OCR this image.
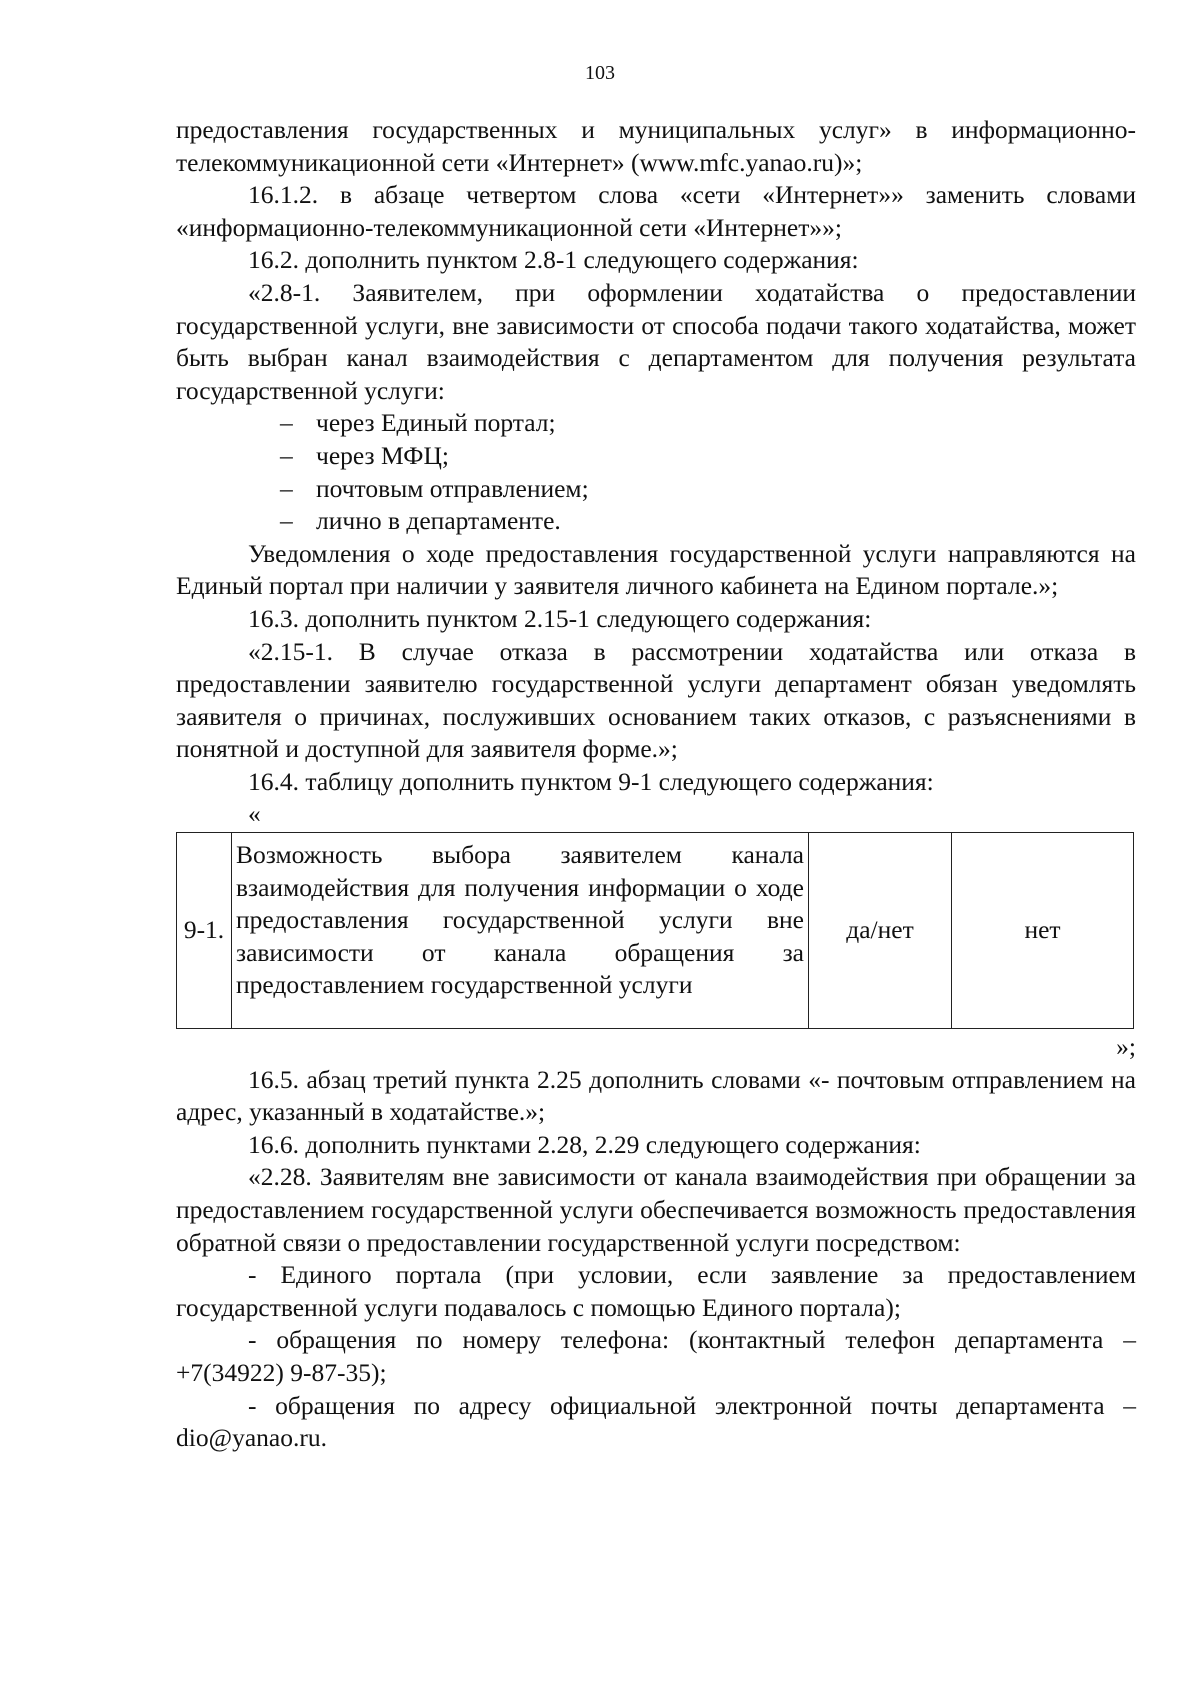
103

предоставления государственных и муниципальных услуг» в информационно-телекоммуникационной сети «Интернет» (www.mfc.yanao.ru)»;

16.1.2. в абзаце четвертом слова «сети «Интернет»» заменить словами «информационно-телекоммуникационной сети «Интернет»»;

16.2. дополнить пунктом 2.8-1 следующего содержания:

«2.8-1. Заявителем, при оформлении ходатайства о предоставлении государственной услуги, вне зависимости от способа подачи такого ходатайства, может быть выбран канал взаимодействия с департаментом для получения результата государственной услуги:

– через Единый портал;

– через МФЦ;

– почтовым отправлением;

– лично в департаменте.

Уведомления о ходе предоставления государственной услуги направляются на Единый портал при наличии у заявителя личного кабинета на Едином портале.»;

16.3. дополнить пунктом 2.15-1 следующего содержания:

«2.15-1. В случае отказа в рассмотрении ходатайства или отказа в предоставлении заявителю государственной услуги департамент обязан уведомлять заявителя о причинах, послуживших основанием таких отказов, с разъяснениями в понятной и доступной для заявителя форме.»;

16.4. таблицу дополнить пунктом 9-1 следующего содержания:

«
9-1.	Возможность выбора заявителем канала взаимодействия для получения информации о ходе предоставления государственной услуги вне зависимости от канала обращения за предоставлением государственной услуги	да/нет	нет

»;

16.5. абзац третий пункта 2.25 дополнить словами «- почтовым отправлением на адрес, указанный в ходатайстве.»;

16.6. дополнить пунктами 2.28, 2.29 следующего содержания:

«2.28. Заявителям вне зависимости от канала взаимодействия при обращении за предоставлением государственной услуги обеспечивается возможность предоставления обратной связи о предоставлении государственной услуги посредством:

- Единого портала (при условии, если заявление за предоставлением государственной услуги подавалось с помощью Единого портала);

- обращения по номеру телефона: (контактный телефон департамента – +7(34922) 9-87-35);

- обращения по адресу официальной электронной почты департамента – dio@yanao.ru.
